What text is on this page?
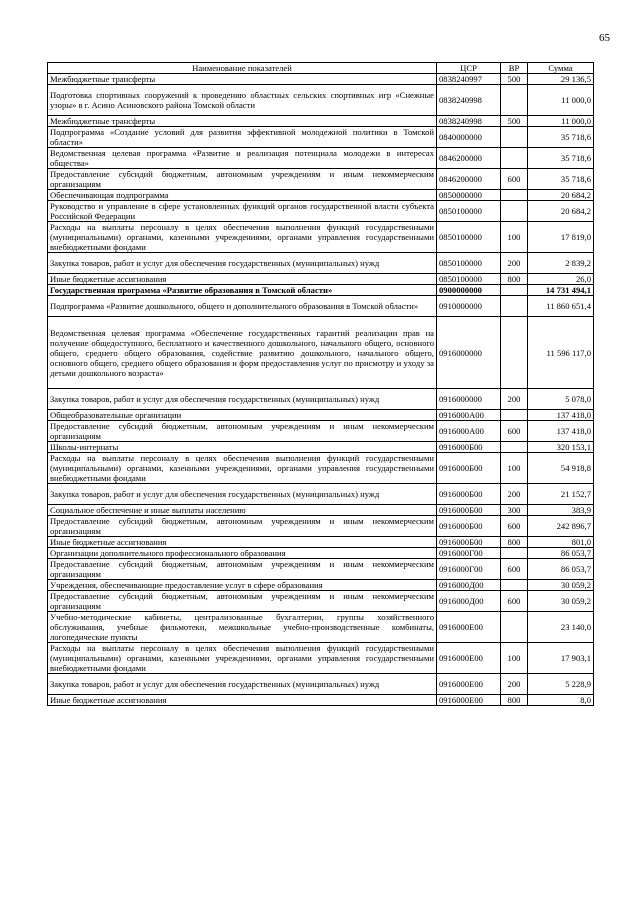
65
Наименование показателей	ЦСР	ВР	Сумма
Межбюджетные трансферты	0838240997	500	29 136,5
Подготовка спортивных сооружений к проведению областных сельских спортивных игр «Снежные узоры» в г. Асино Асиновского района Томской области	0838240998		11 000,0
Межбюджетные трансферты	0838240998	500	11 000,0
Подпрограмма «Создание условий для развития эффективной молодежной политики в Томской области»	0840000000		35 718,6
Ведомственная целевая программа «Развитие и реализация потенциала молодежи в интересах общества»	0846200000		35 718,6
Предоставление субсидий бюджетным, автономным учреждениям и иным некоммерческим организациям	0846200000	600	35 718,6
Обеспечивающая подпрограмма	0850000000		20 684,2
Руководство и управление в сфере установленных функций органов государственной власти субъекта Российской Федерации	0850100000		20 684,2
Расходы на выплаты персоналу в целях обеспечения выполнения функций государственными (муниципальными) органами, казенными учреждениями, органами управления государственными внебюджетными фондами	0850100000	100	17 819,0
Закупка товаров, работ и услуг для обеспечения государственных (муниципальных) нужд	0850100000	200	2 839,2
Иные бюджетные ассигнования	0850100000	800	26,0
Государственная программа «Развитие образования в Томской области»	0900000000		14 731 494,1
Подпрограмма «Развитие дошкольного, общего и дополнительного образования в Томской области»	0910000000		11 860 651,4
Ведомственная целевая программа «Обеспечение государственных гарантий реализации прав на получение общедоступного, бесплатного и качественного дошкольного, начального общего, основного общего, среднего общего образования, содействие развитию дошкольного, начального общего, основного общего, среднего общего образования и форм предоставления услуг по присмотру и уходу за детьми дошкольного возраста»	0916000000		11 596 117,0
Закупка товаров, работ и услуг для обеспечения государственных (муниципальных) нужд	0916000000	200	5 078,0
Общеобразовательные организации	0916000А00		137 418,0
Предоставление субсидий бюджетным, автономным учреждениям и иным некоммерческим организациям	0916000А00	600	137 418,0
Школы-интернаты	0916000Б00		320 153,1
Расходы на выплаты персоналу в целях обеспечения выполнения функций государственными (муниципальными) органами, казенными учреждениями, органами управления государственными внебюджетными фондами	0916000Б00	100	54 918,8
Закупка товаров, работ и услуг для обеспечения государственных (муниципальных) нужд	0916000Б00	200	21 152,7
Социальное обеспечение и иные выплаты населению	0916000Б00	300	383,9
Предоставление субсидий бюджетным, автономным учреждениям и иным некоммерческим организациям	0916000Б00	600	242 896,7
Иные бюджетные ассигнования	0916000Б00	800	801,0
Организации дополнительного профессионального образования	0916000Г00		86 053,7
Предоставление субсидий бюджетным, автономным учреждениям и иным некоммерческим организациям	0916000Г00	600	86 053,7
Учреждения, обеспечивающие предоставление услуг в сфере образования	0916000Д00		30 059,2
Предоставление субсидий бюджетным, автономным учреждениям и иным некоммерческим организациям	0916000Д00	600	30 059,2
Учебно-методические кабинеты, централизованные бухгалтерии, группы хозяйственного обслуживания, учебные фильмотеки, межшкольные учебно-производственные комбинаты, логопедические пункты	0916000Е00		23 140,0
Расходы на выплаты персоналу в целях обеспечения выполнения функций государственными (муниципальными) органами, казенными учреждениями, органами управления государственными внебюджетными фондами	0916000Е00	100	17 903,1
Закупка товаров, работ и услуг для обеспечения государственных (муниципальных) нужд	0916000Е00	200	5 228,9
Иные бюджетные ассигнования	0916000Е00	800	8,0
